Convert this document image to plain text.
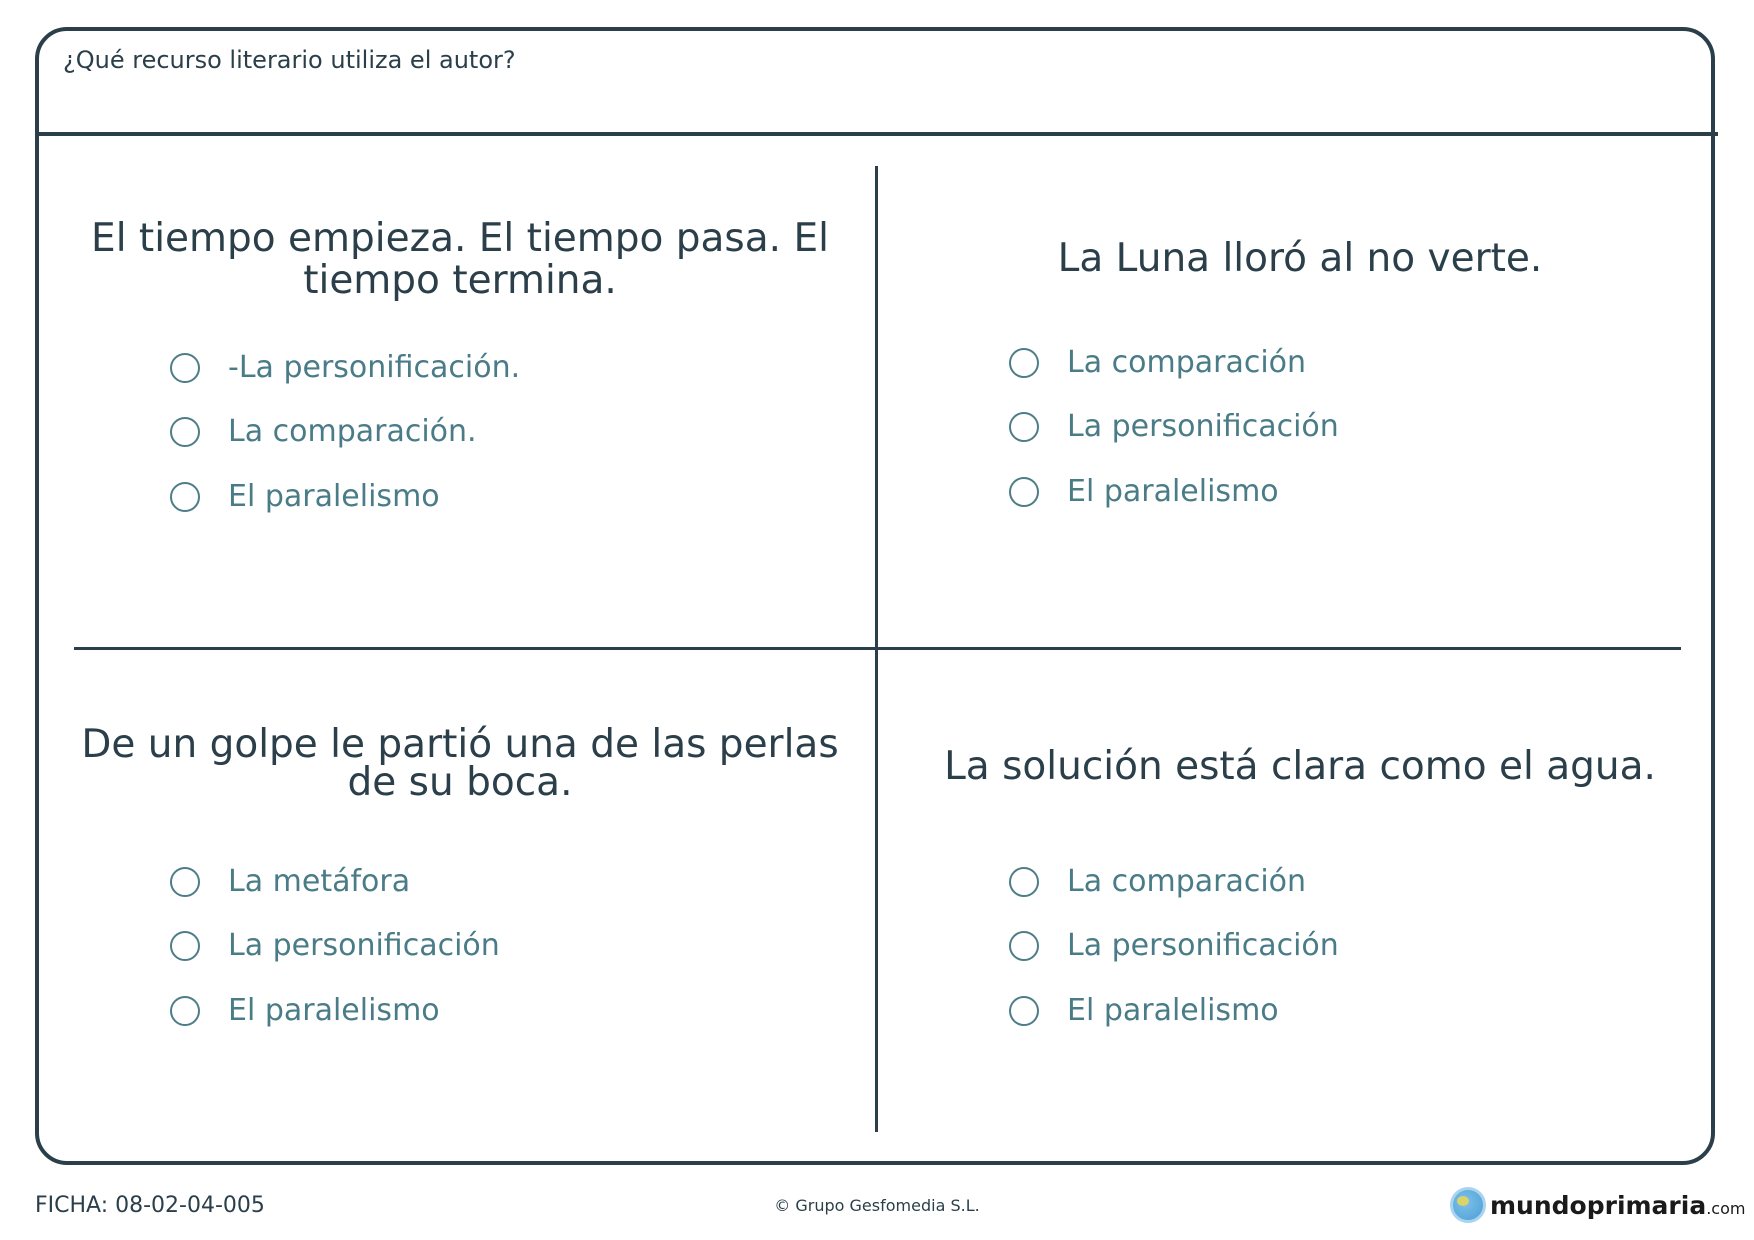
¿Qué recurso literario utiliza el autor?
El tiempo empieza. El tiempo pasa. El
tiempo termina.
-La personificación.
La comparación.
El paralelismo
La Luna lloró al no verte.
La comparación
La personificación
El paralelismo
De un golpe le partió una de las perlas
de su boca.
La metáfora
La personificación
El paralelismo
La solución está clara como el agua.
La comparación
La personificación
El paralelismo
FICHA: 08-02-04-005	© Grupo Gesfomedia S.L.	mundoprimaria .com
